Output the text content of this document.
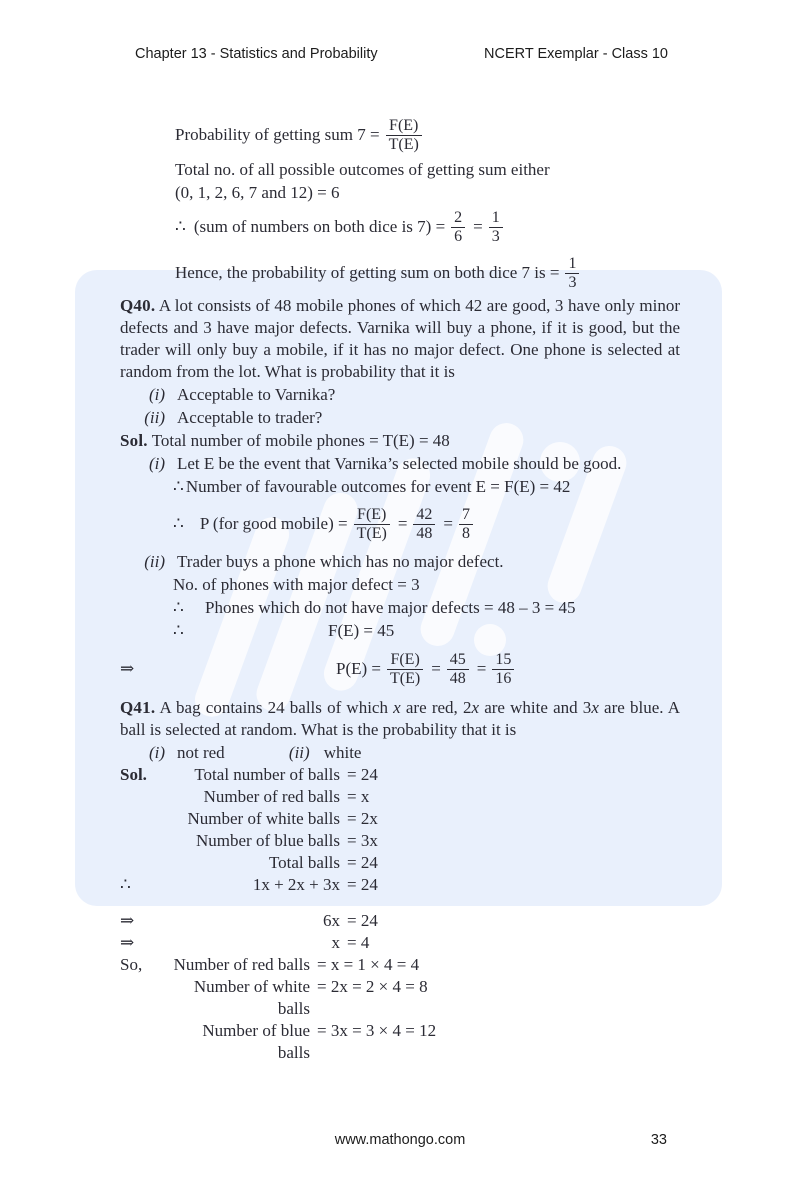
Chapter 13 - Statistics and Probability	NCERT Exemplar - Class 10
Probability of getting sum $7 = \frac{F(E)}{T(E)}$
Total no. of all possible outcomes of getting sum either
(0, 1, 2, 6, 7 and 12) = 6
∴ (sum of numbers on both dice is $7) = \frac{2}{6} = \frac{1}{3}$
Hence, the probability of getting sum on both dice 7 is = $\frac{1}{3}$

Q40. A lot consists of 48 mobile phones of which 42 are good, 3 have only minor defects and 3 have major defects. Varnika will buy a phone, if it is good, but the trader will only buy a mobile, if it has no major defect. One phone is selected at random from the lot. What is probability that it is

(i) Acceptable to Varnika?
(ii) Acceptable to trader?
Sol. Total number of mobile phones = T(E) = 48
(i) Let E be the event that Varnika’s selected mobile should be good.
∴ Number of favourable outcomes for event E = F(E) = 42
∴ P (for good mobile) = $\frac{F(E)}{T(E)} = \frac{42}{48} = \frac{7}{8}$
(ii) Trader buys a phone which has no major defect.
No. of phones with major defect = 3
∴	Phones which do not have major defects = 48 – 3 = 45
∴	F(E) = 45
⇒	$P(E) = \frac{F(E)}{T(E)} = \frac{45}{48} = \frac{15}{16}$

Q41. A bag contains 24 balls of which x are red, 2x are white and 3x are blue. A ball is selected at random. What is the probability that it is

(i) not red	(ii) white
Sol.	Total number of balls = 24
Number of red balls = x
Number of white balls = 2x
Number of blue balls = 3x
Total balls = 24
∴	1x + 2x + 3x = 24
⇒	6x = 24
⇒	x = 4
So,	Number of red balls = x = 1 × 4 = 4
Number of white balls
= 2x = 2 × 4 = 8
Number of blue balls
= 3x = 3 × 4 = 12
www.mathongo.com	33
